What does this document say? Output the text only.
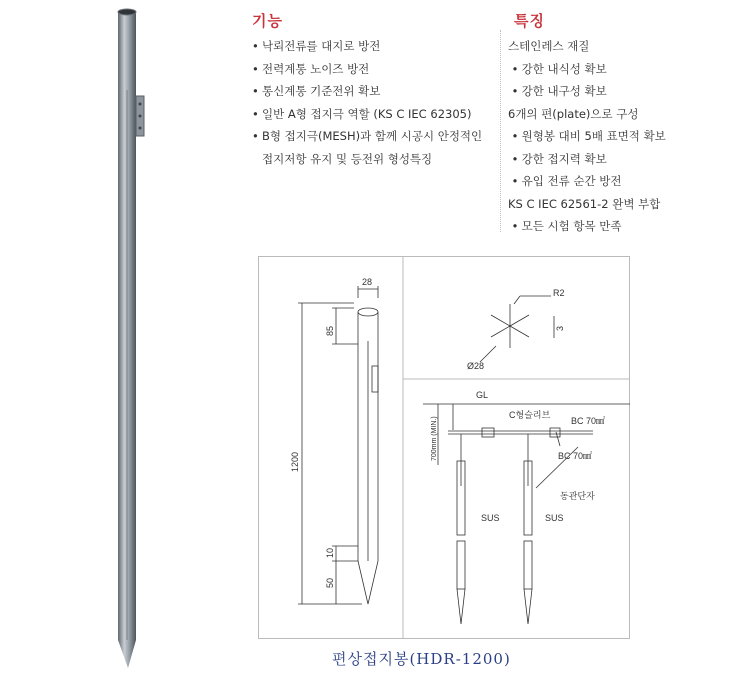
기능
• 낙뢰전류를 대지로 방전
• 전력계통 노이즈 방전
• 통신계통 기준전위 확보
• 일반 A형 접지극 역할 (KS C IEC 62305)
• B형 접지극(MESH)과 함께 시공시 안정적인
접지저항 유지 및 등전위 형성특징
특징
스테인레스 재질
• 강한 내식성 확보
• 강한 내구성 확보
6개의 편(plate)으로 구성
• 원형봉 대비 5배 표면적 확보
• 강한 접지력 확보
• 유입 전류 순간 방전
KS C IEC 62561-2 완벽 부합
• 모든 시험 항목 만족
28
85
1200
10
50
R2
3
Ø28
GL
700mm (MIN.)
C형슬리브
BC 70㎟
BC 70㎟
동관단자
SUS	SUS
편상접지봉(HDR-1200)
